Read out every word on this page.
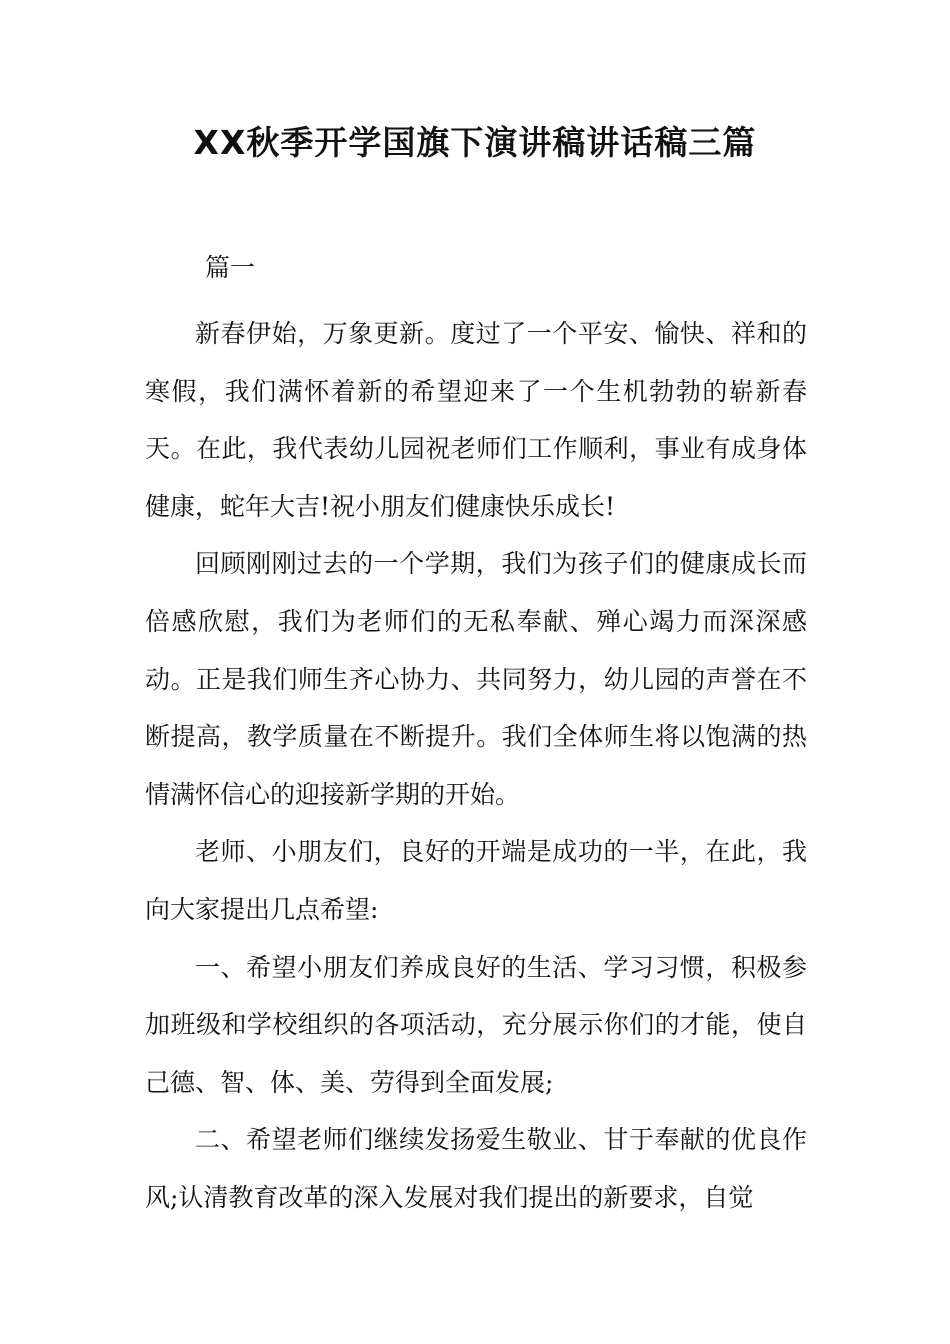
XX秋季开学国旗下演讲稿讲话稿三篇
篇一

新春伊始，万象更新。度过了一个平安、愉快、祥和的寒假，我们满怀着新的希望迎来了一个生机勃勃的崭新春天。在此，我代表幼儿园祝老师们工作顺利，事业有成身体健康，蛇年大吉!祝小朋友们健康快乐成长!

回顾刚刚过去的一个学期，我们为孩子们的健康成长而倍感欣慰，我们为老师们的无私奉献、殚心竭力而深深感动。正是我们师生齐心协力、共同努力，幼儿园的声誉在不断提高，教学质量在不断提升。我们全体师生将以饱满的热情满怀信心的迎接新学期的开始。

老师、小朋友们，良好的开端是成功的一半，在此，我向大家提出几点希望:

一、希望小朋友们养成良好的生活、学习习惯，积极参加班级和学校组织的各项活动，充分展示你们的才能，使自己德、智、体、美、劳得到全面发展;

二、希望老师们继续发扬爱生敬业、甘于奉献的优良作风;认清教育改革的深入发展对我们提出的新要求，自觉
